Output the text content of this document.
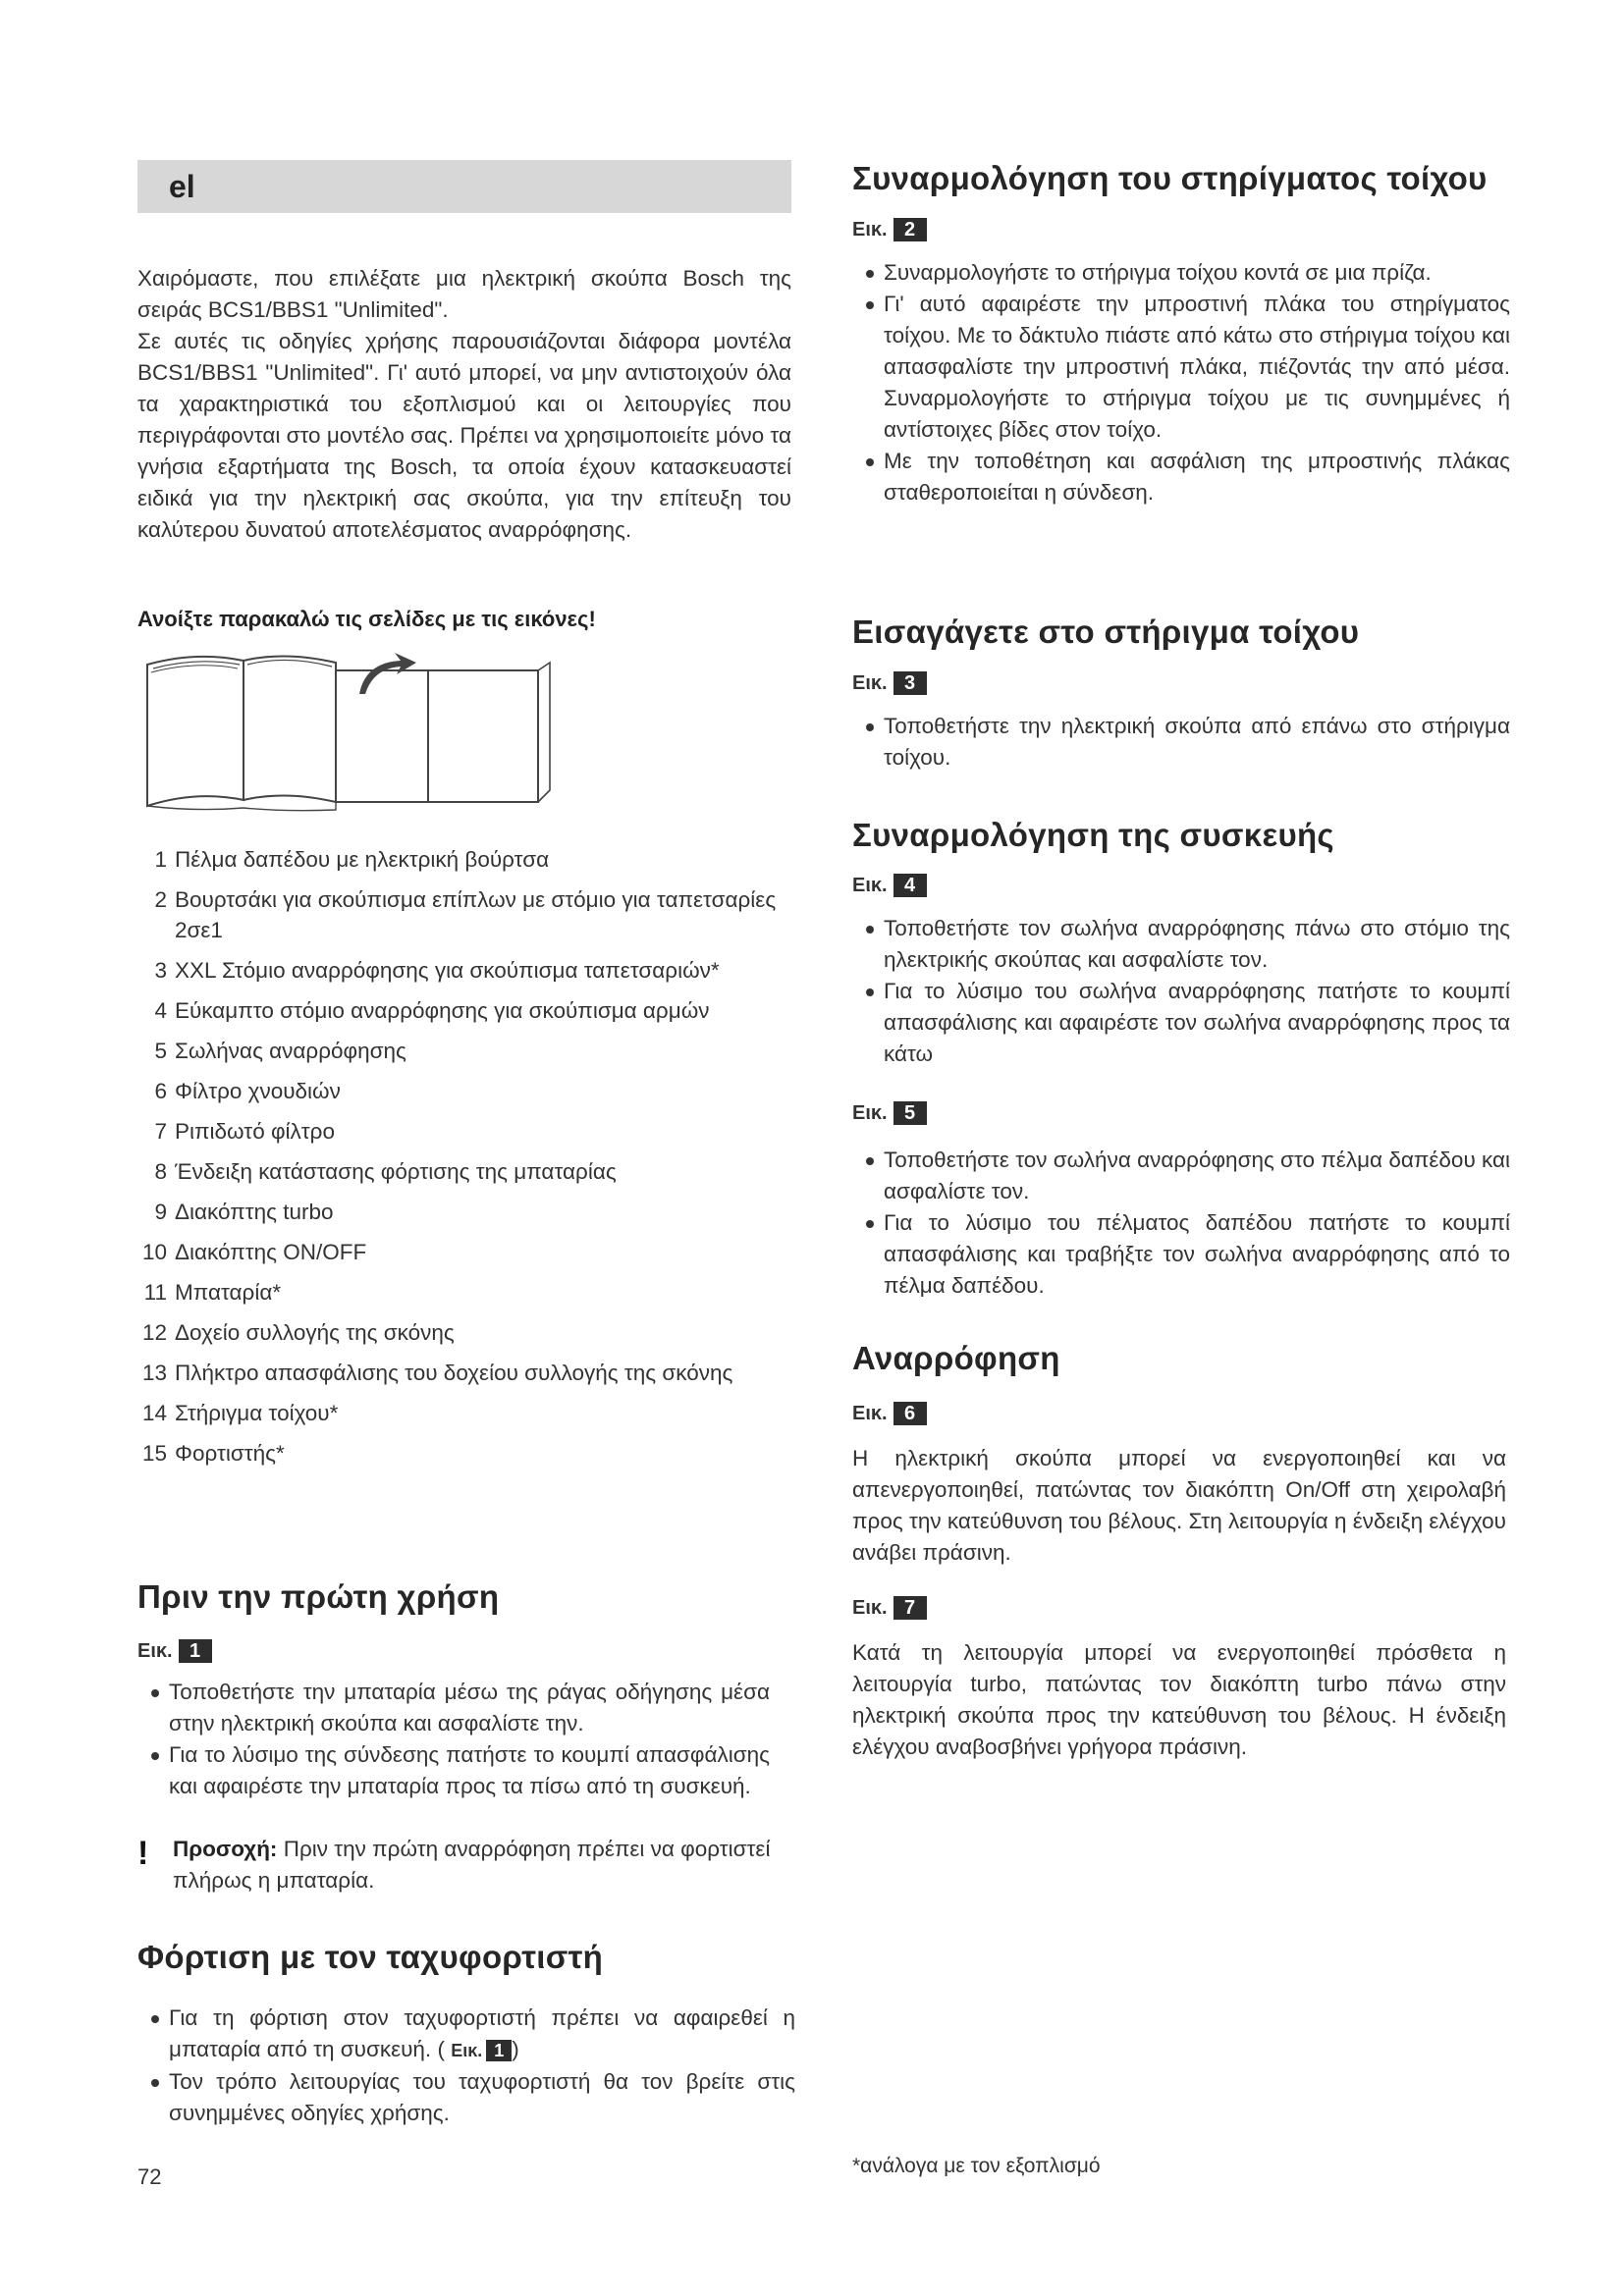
el

Χαιρόμαστε, που επιλέξατε μια ηλεκτρική σκούπα Bosch της σειράς BCS1/BBS1 "Unlimited".

Σε αυτές τις οδηγίες χρήσης παρουσιάζονται διάφορα μοντέλα BCS1/BBS1 "Unlimited". Γι' αυτό μπορεί, να μην αντιστοιχούν όλα τα χαρακτηριστικά του εξοπλισμού και οι λειτουργίες που περιγράφονται στο μοντέλο σας. Πρέπει να χρησιμοποιείτε μόνο τα γνήσια εξαρτήματα της Bosch, τα οποία έχουν κατασκευαστεί ειδικά για την ηλεκτρική σας σκούπα, για την επίτευξη του καλύτερου δυνατού αποτελέσματος αναρρόφησης.

Ανοίξτε παρακαλώ τις σελίδες με τις εικόνες!

1 Πέλμα δαπέδου με ηλεκτρική βούρτσα
2 Βουρτσάκι για σκούπισμα επίπλων με στόμιο για ταπετσαρίες 2σε1
3 XXL Στόμιο αναρρόφησης για σκούπισμα ταπετσαριών*
4 Εύκαμπτο στόμιο αναρρόφησης για σκούπισμα αρμών
5 Σωλήνας αναρρόφησης
6 Φίλτρο χνουδιών
7 Ριπιδωτό φίλτρο
8 Ένδειξη κατάστασης φόρτισης της μπαταρίας
9 Διακόπτης turbo
10 Διακόπτης ON/OFF
11 Μπαταρία*
12 Δοχείο συλλογής της σκόνης
13 Πλήκτρο απασφάλισης του δοχείου συλλογής της σκόνης
14 Στήριγμα τοίχου*
15 Φορτιστής*
Πριν την πρώτη χρήση
Εικ. 1
Τοποθετήστε την μπαταρία μέσω της ράγας οδήγησης μέσα στην ηλεκτρική σκούπα και ασφαλίστε την.
Για το λύσιμο της σύνδεσης πατήστε το κουμπί απασφάλισης και αφαιρέστε την μπαταρία προς τα πίσω από τη συσκευή.
! Προσοχή: Πριν την πρώτη αναρρόφηση πρέπει να φορτιστεί πλήρως η μπαταρία.
Φόρτιση με τον ταχυφορτιστή
Για τη φόρτιση στον ταχυφορτιστή πρέπει να αφαιρεθεί η μπαταρία από τη συσκευή. ( Εικ. 1 )
Τον τρόπο λειτουργίας του ταχυφορτιστή θα τον βρείτε στις συνημμένες οδηγίες χρήσης.
72
Συναρμολόγηση του στηρίγματος τοίχου
Εικ. 2
Συναρμολογήστε το στήριγμα τοίχου κοντά σε μια πρίζα.
Γι' αυτό αφαιρέστε την μπροστινή πλάκα του στηρίγματος τοίχου. Με το δάκτυλο πιάστε από κάτω στο στήριγμα τοίχου και απασφαλίστε την μπροστινή πλάκα, πιέζοντάς την από μέσα. Συναρμολογήστε το στήριγμα τοίχου με τις συνημμένες ή αντίστοιχες βίδες στον τοίχο.
Με την τοποθέτηση και ασφάλιση της μπροστινής πλάκας σταθεροποιείται η σύνδεση.
Εισαγάγετε στο στήριγμα τοίχου
Εικ. 3
Τοποθετήστε την ηλεκτρική σκούπα από επάνω στο στήριγμα τοίχου.
Συναρμολόγηση της συσκευής
Εικ. 4
Τοποθετήστε τον σωλήνα αναρρόφησης πάνω στο στόμιο της ηλεκτρικής σκούπας και ασφαλίστε τον.
Για το λύσιμο του σωλήνα αναρρόφησης πατήστε το κουμπί απασφάλισης και αφαιρέστε τον σωλήνα αναρρόφησης προς τα κάτω
Εικ. 5
Τοποθετήστε τον σωλήνα αναρρόφησης στο πέλμα δαπέδου και ασφαλίστε τον.
Για το λύσιμο του πέλματος δαπέδου πατήστε το κουμπί απασφάλισης και τραβήξτε τον σωλήνα αναρρόφησης από το πέλμα δαπέδου.
Αναρρόφηση
Εικ. 6

Η ηλεκτρική σκούπα μπορεί να ενεργοποιηθεί και να απενεργοποιηθεί, πατώντας τον διακόπτη On/Off στη χειρολαβή προς την κατεύθυνση του βέλους. Στη λειτουργία η ένδειξη ελέγχου ανάβει πράσινη.

Εικ. 7

Κατά τη λειτουργία μπορεί να ενεργοποιηθεί πρόσθετα η λειτουργία turbo, πατώντας τον διακόπτη turbo πάνω στην ηλεκτρική σκούπα προς την κατεύθυνση του βέλους. Η ένδειξη ελέγχου αναβοσβήνει γρήγορα πράσινη.

*ανάλογα με τον εξοπλισμό
